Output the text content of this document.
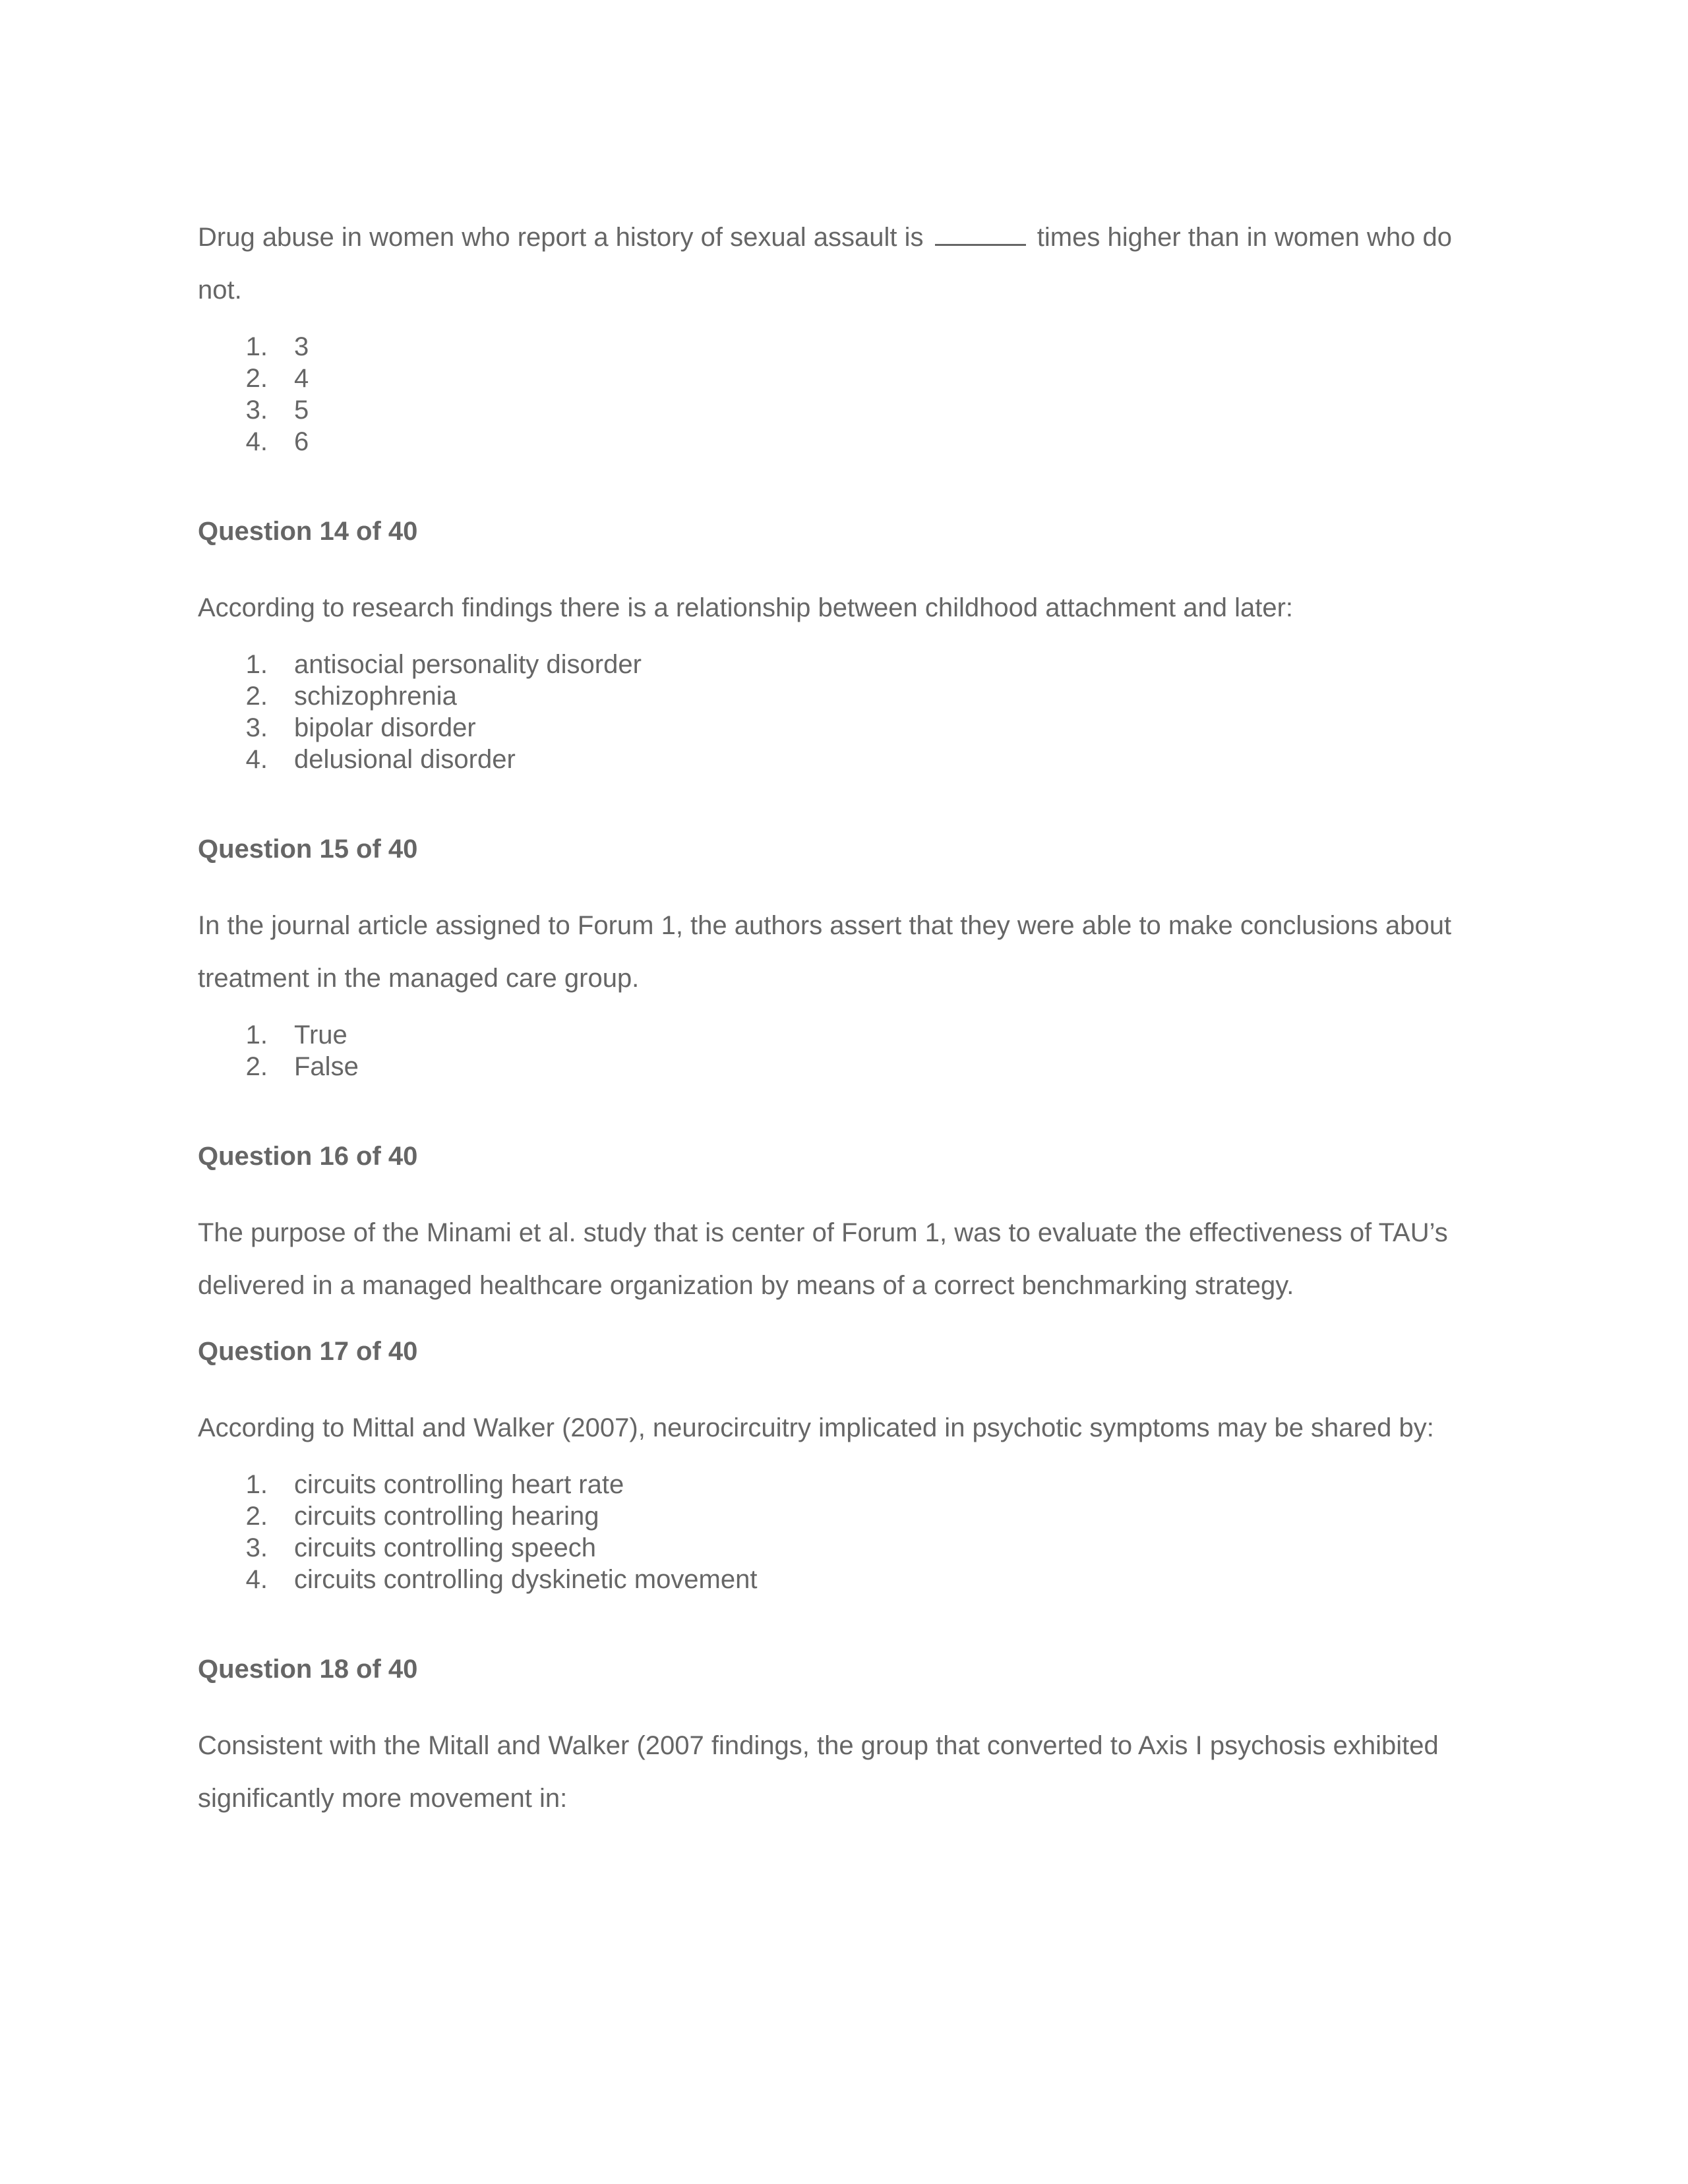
Drug abuse in women who report a history of sexual assault is	times higher than in women who do not.

1. 3
2. 4
3. 5
4. 6
Question 14 of 40

According to research findings there is a relationship between childhood attachment and later:

1. antisocial personality disorder
2. schizophrenia
3. bipolar disorder
4. delusional disorder
Question 15 of 40

In the journal article assigned to Forum 1, the authors assert that they were able to make conclusions about treatment in the managed care group.

1. True
2. False
Question 16 of 40

The purpose of the Minami et al. study that is center of Forum 1, was to evaluate the effectiveness of TAU’s delivered in a managed healthcare organization by means of a correct benchmarking strategy.

Question 17 of 40

According to Mittal and Walker (2007), neurocircuitry implicated in psychotic symptoms may be shared by:

1. circuits controlling heart rate
2. circuits controlling hearing
3. circuits controlling speech
4. circuits controlling dyskinetic movement
Question 18 of 40

Consistent with the Mitall and Walker (2007 findings, the group that converted to Axis I psychosis exhibited significantly more movement in:
